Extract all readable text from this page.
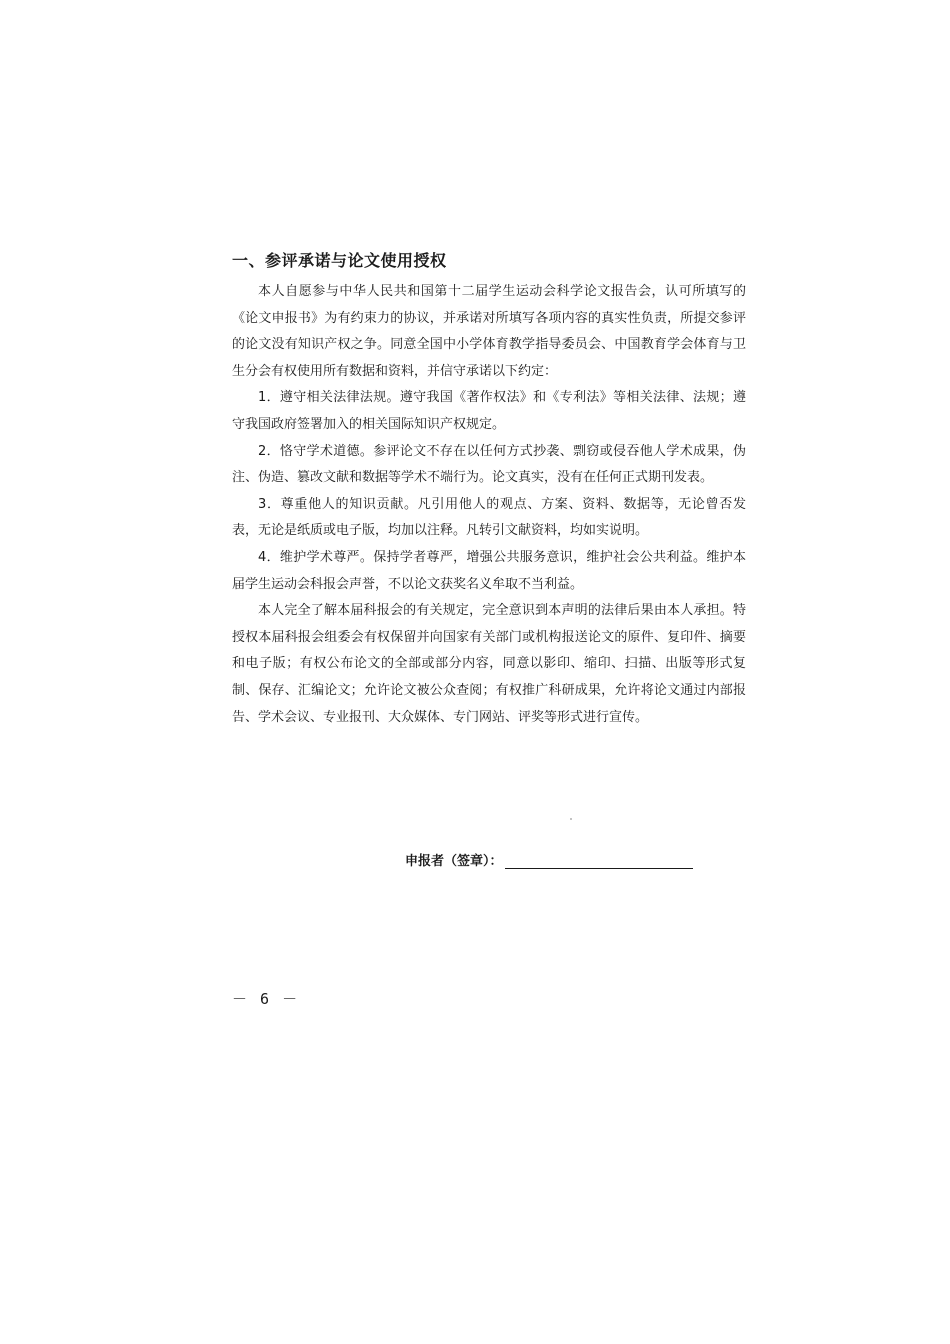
一、参评承诺与论文使用授权

本人自愿参与中华人民共和国第十二届学生运动会科学论文报告会，认可所填写的《论文申报书》为有约束力的协议，并承诺对所填写各项内容的真实性负责，所提交参评的论文没有知识产权之争。同意全国中小学体育教学指导委员会、中国教育学会体育与卫生分会有权使用所有数据和资料，并信守承诺以下约定：

1．遵守相关法律法规。遵守我国《著作权法》和《专利法》等相关法律、法规；遵守我国政府签署加入的相关国际知识产权规定。

2．恪守学术道德。参评论文不存在以任何方式抄袭、剽窃或侵吞他人学术成果，伪注、伪造、篡改文献和数据等学术不端行为。论文真实，没有在任何正式期刊发表。

3．尊重他人的知识贡献。凡引用他人的观点、方案、资料、数据等，无论曾否发表，无论是纸质或电子版，均加以注释。凡转引文献资料，均如实说明。

4．维护学术尊严。保持学者尊严，增强公共服务意识，维护社会公共利益。维护本届学生运动会科报会声誉，不以论文获奖名义牟取不当利益。

本人完全了解本届科报会的有关规定，完全意识到本声明的法律后果由本人承担。特授权本届科报会组委会有权保留并向国家有关部门或机构报送论文的原件、复印件、摘要和电子版；有权公布论文的全部或部分内容，同意以影印、缩印、扫描、出版等形式复制、保存、汇编论文；允许论文被公众查阅；有权推广科研成果，允许将论文通过内部报告、学术会议、专业报刊、大众媒体、专门网站、评奖等形式进行宣传。

申报者（签章）：
－ 6 －
